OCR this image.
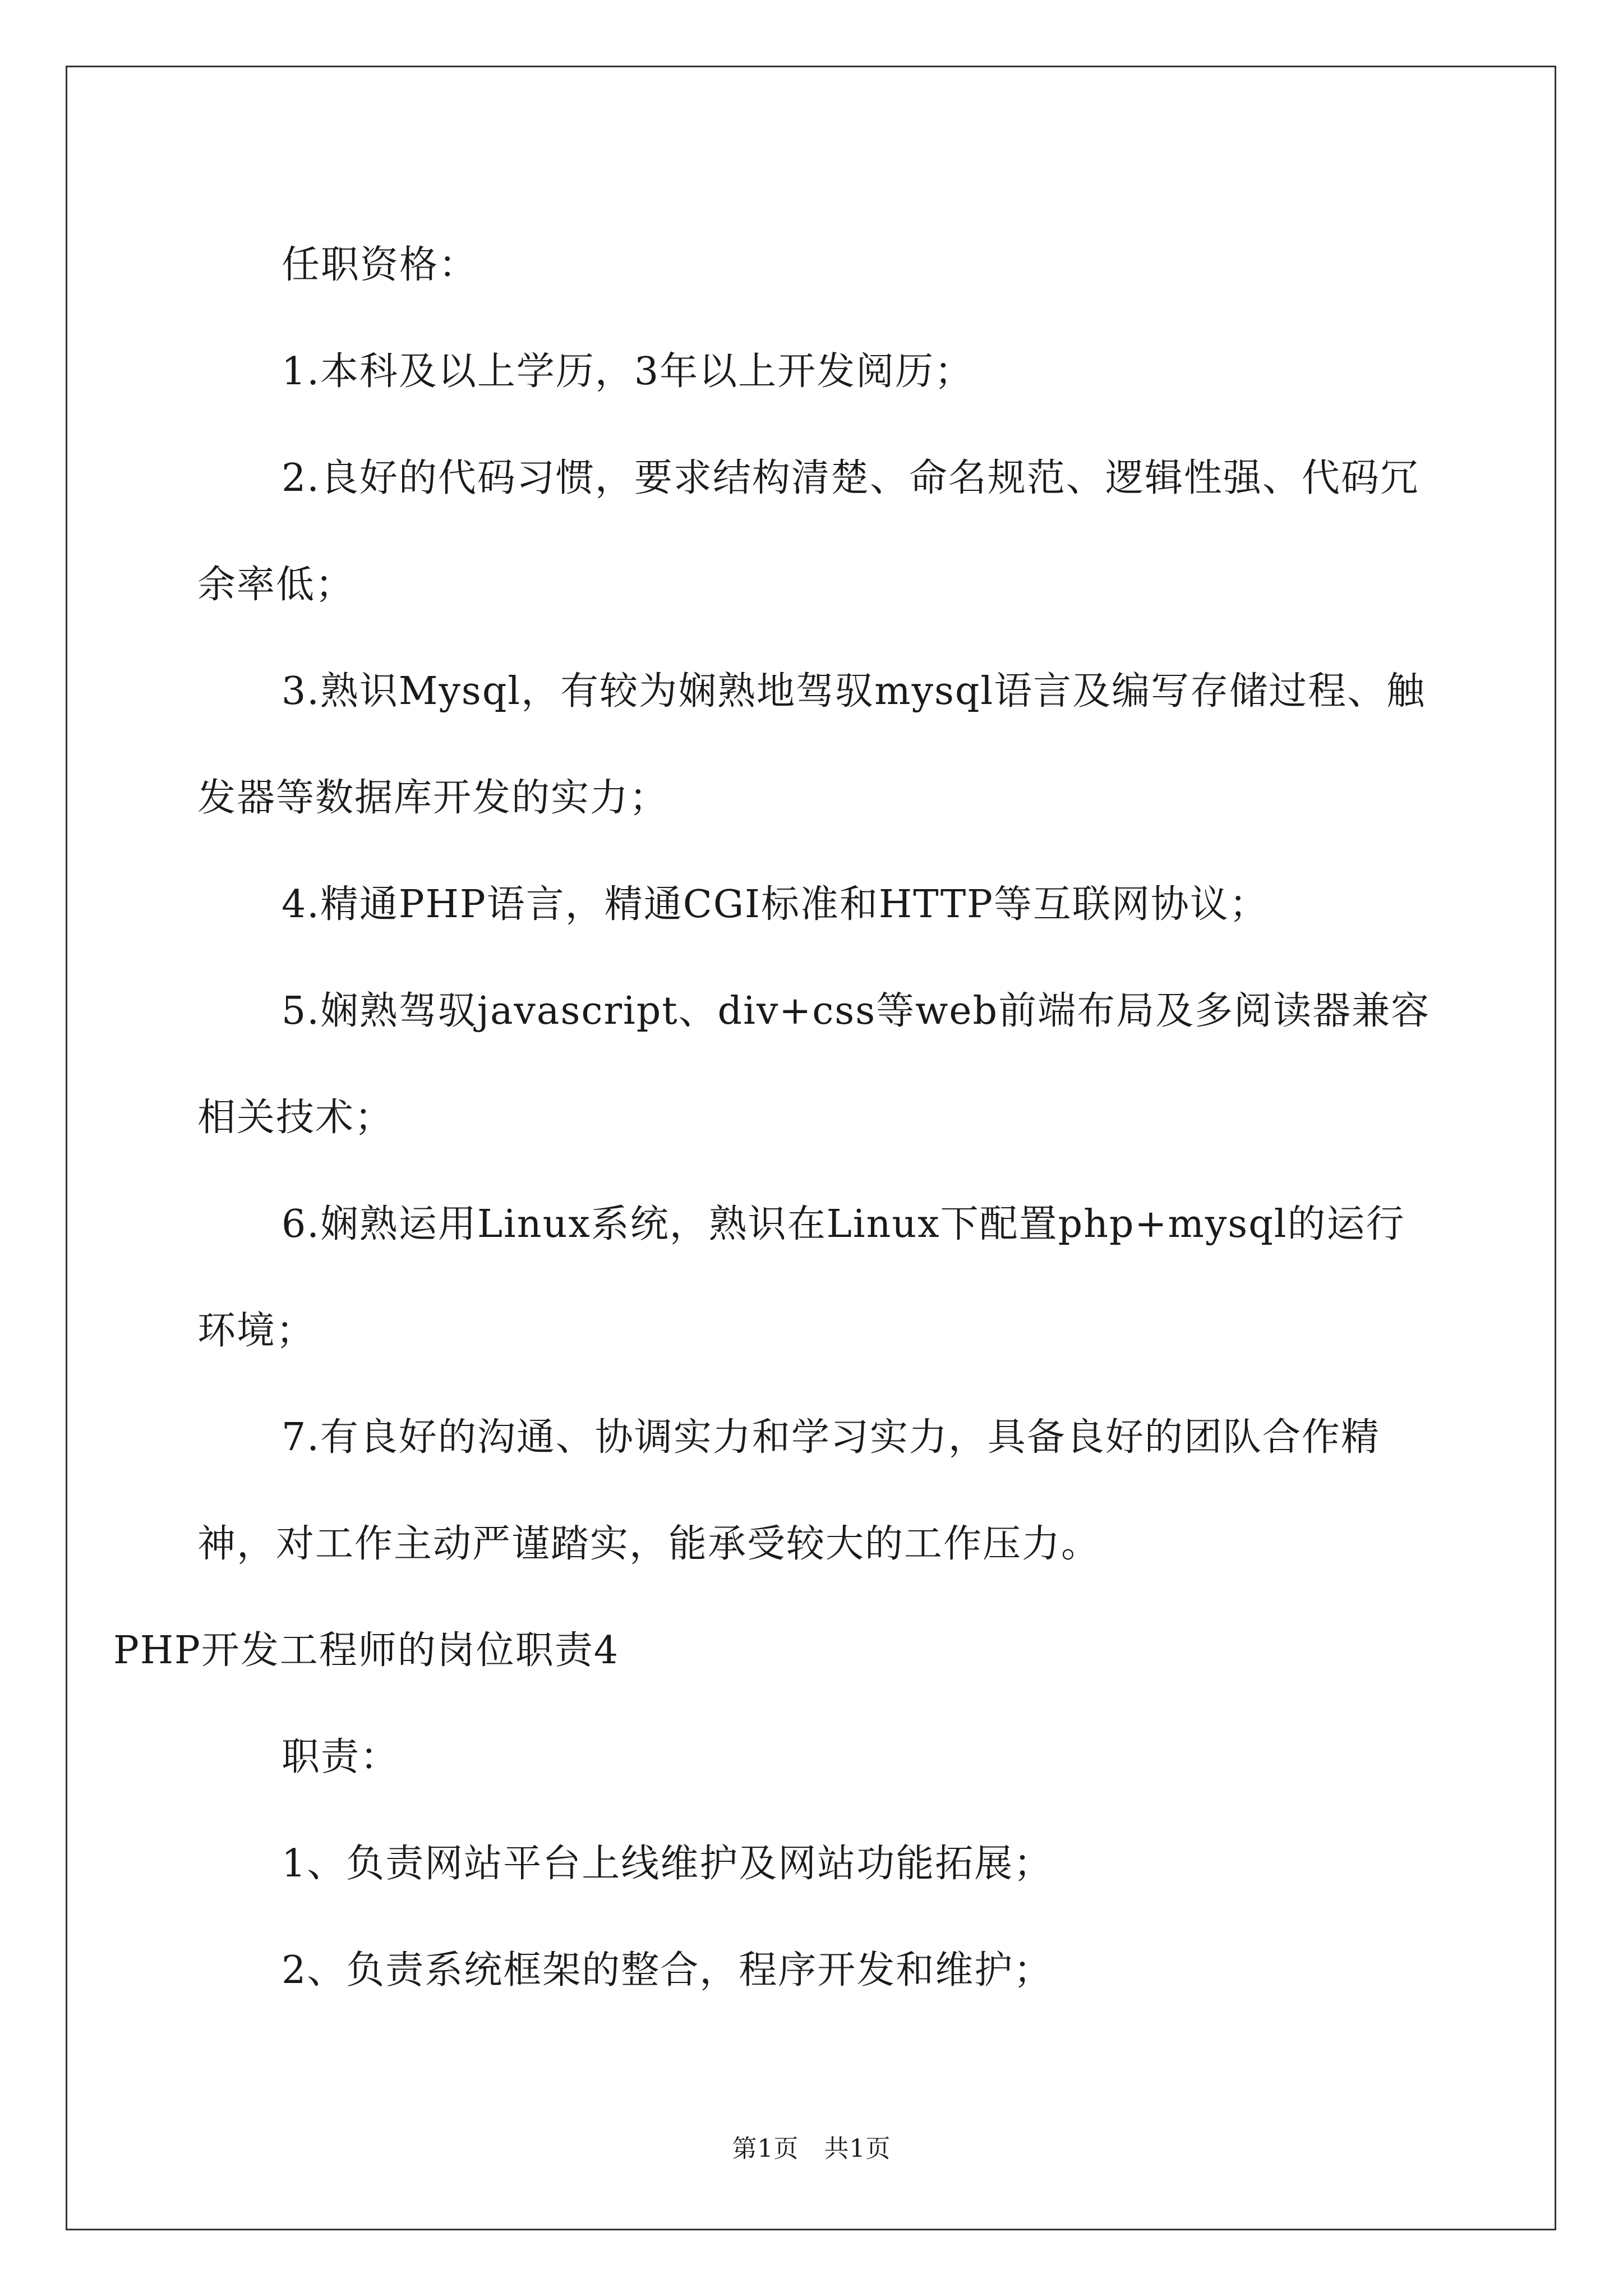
任职资格：

1.本科及以上学历，3年以上开发阅历；

2.良好的代码习惯，要求结构清楚、命名规范、逻辑性强、代码冗余率低；

3.熟识Mysql，有较为娴熟地驾驭mysql语言及编写存储过程、触发器等数据库开发的实力；

4.精通PHP语言，精通CGI标准和HTTP等互联网协议；

5.娴熟驾驭javascript、div+css等web前端布局及多阅读器兼容相关技术；

6.娴熟运用Linux系统，熟识在Linux下配置php+mysql的运行环境；

7.有良好的沟通、协调实力和学习实力，具备良好的团队合作精神，对工作主动严谨踏实，能承受较大的工作压力。

PHP开发工程师的岗位职责4

职责：

1、负责网站平台上线维护及网站功能拓展；

2、负责系统框架的整合，程序开发和维护；

第1页　共1页
